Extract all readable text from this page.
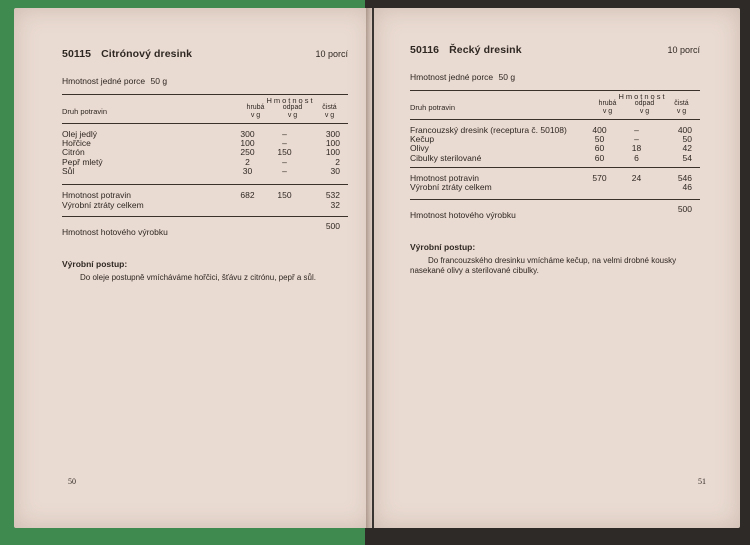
50115 Citrónový dresink	10 porcí
Hmotnost jedné porce 50 g
Hmotnost
Druh potravin	hrubá
v g
odpad
v g
čistá
v g
Olej jedlý	300	–	300
Hořčice	100	–	100
Citrón	250	150	100
Pepř mletý	2	–	2
Sůl	30	–	30
Hmotnost potravin	682	150	532
Výrobní ztráty celkem			32
Hmotnost hotového výrobku
500
Výrobní postup:
Do oleje postupně vmícháváme hořčici, šťávu z citrónu, pepř a sůl.
50
50116 Řecký dresink	10 porcí
Hmotnost jedné porce 50 g
Hmotnost
Druh potravin	hrubá
v g
odpad
v g
čistá
v g
Francouzský dresink (receptura č. 50108)	400	–	400
Kečup	50	–	50
Olivy	60	18	42
Cibulky sterilované	60	6	54
Hmotnost potravin	570	24	546
Výrobní ztráty celkem			46
Hmotnost hotového výrobku
500
Výrobní postup:
Do francouzského dresinku vmícháme kečup, na velmi drobné kousky nasekané olivy a sterilované cibulky.
51
